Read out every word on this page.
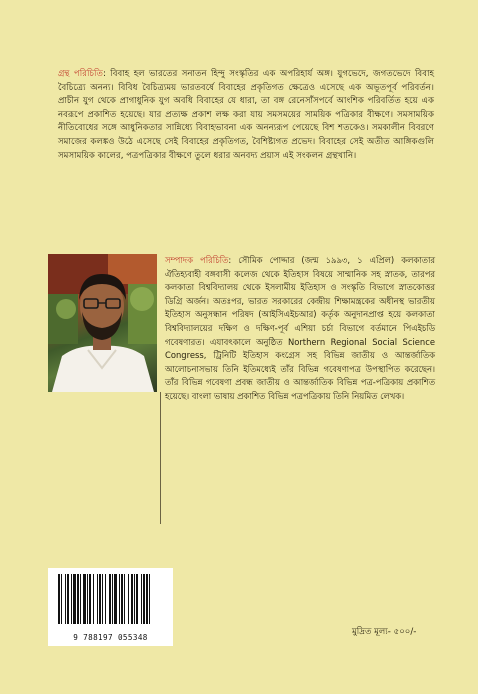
গ্রন্থ পরিচিতি: বিবাহ হল ভারতের সনাতন হিন্দু সংস্কৃতির এক অপরিহার্য অঙ্গ। যুগভেদে, জগতভেদে বিবাহ বৈচিত্র্যে অনন্য। বিবিধ বৈচিত্র্যময় ভারতবর্ষে বিবাহের প্রকৃতিগত ক্ষেত্রেও এসেছে এক অভূতপূর্ব পরিবর্তন। প্রাচীন যুগ থেকে প্রাগাধুনিক যুগ অবধি বিবাহের যে ধারা, তা বঙ্গ রেনেসাঁসপর্বে আংশিক পরিবর্তিত হয়ে এক নবরূপে প্রকাশিত হয়েছে। যার প্রত্যক্ষ প্রকাশ লক্ষ করা যায় সমসময়ের সাময়িক পত্রিকার বীক্ষণে। সমসাময়িক নীতিবোধের সঙ্গে আধুনিকতার সান্নিধ্যে বিবাহভাবনা এক অনন্যরূপ পেয়েছে বিশ শতকেও। সমকালীন বিবরণে সমাজের কলঙ্কও উঠে এসেছে সেই বিবাহের প্রকৃতিগত, বৈশিষ্ট্যগত প্রভেদ। বিবাহের সেই অতীত আঙ্গিকগুলি সমসাময়িক কালের, পত্রপত্রিকার বীক্ষণে তুলে ধরার অনবদ্য প্রয়াস এই সংকলন গ্রন্থখানি।
সম্পাদক পরিচিতি: সৌমিক পোদ্দার (জন্ম ১৯৯৩, ১ এপ্রিল) কলকাতার ঐতিহ্যবাহী বঙ্গবাসী কলেজ থেকে ইতিহাস বিষয়ে সাম্মানিক সহ স্নাতক, তারপর কলকাতা বিশ্ববিদ্যালয় থেকে ইসলামীয় ইতিহাস ও সংস্কৃতি বিভাগে স্নাতকোত্তর ডিগ্রি অর্জন। অতঃপর, ভারত সরকারের কেন্দ্রীয় শিক্ষামন্ত্রকের অধীনস্থ ভারতীয় ইতিহাস অনুসন্ধান পরিষদ (আইসিএইচআর) কর্তৃক অনুদানপ্রাপ্ত হয়ে কলকাতা বিশ্ববিদ্যালয়ের দক্ষিণ ও দক্ষিণ-পূর্ব এশিয়া চর্চা বিভাগে বর্তমানে পিএইচডি গবেষণারত। এযাবৎকালে অনুষ্ঠিত Northern Regional Social Science Congress, ট্রিনিটি ইতিহাস কংগ্রেস সহ বিভিন্ন জাতীয় ও আন্তর্জাতিক আলোচনাসভায় তিনি ইতিমধ্যেই তাঁর বিভিন্ন গবেষণাপত্র উপস্থাপিত করেছেন। তাঁর বিভিন্ন গবেষণা প্রবন্ধ জাতীয় ও আন্তর্জাতিক বিভিন্ন পত্র-পত্রিকায় প্রকাশিত হয়েছে। বাংলা ভাষায় প্রকাশিত বিভিন্ন পত্রপত্রিকায় তিনি নিয়মিত লেখক।
9 788197 055348
মুদ্রিত মূল্য- ৫০০/-
